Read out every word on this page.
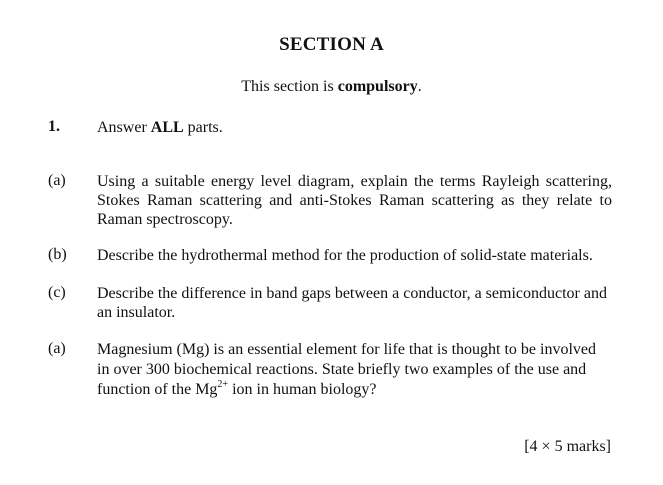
SECTION A
This section is compulsory.
1. Answer ALL parts.
(a) Using a suitable energy level diagram, explain the terms Rayleigh scattering, Stokes Raman scattering and anti-Stokes Raman scattering as they relate to Raman spectroscopy.
(b) Describe the hydrothermal method for the production of solid-state materials.
(c) Describe the difference in band gaps between a conductor, a semiconductor and an insulator.
(a) Magnesium (Mg) is an essential element for life that is thought to be involved
in over 300 biochemical reactions. State briefly two examples of the use and
function of the $Mg^{2+}$ ion in human biology?
[4 × 5 marks]
